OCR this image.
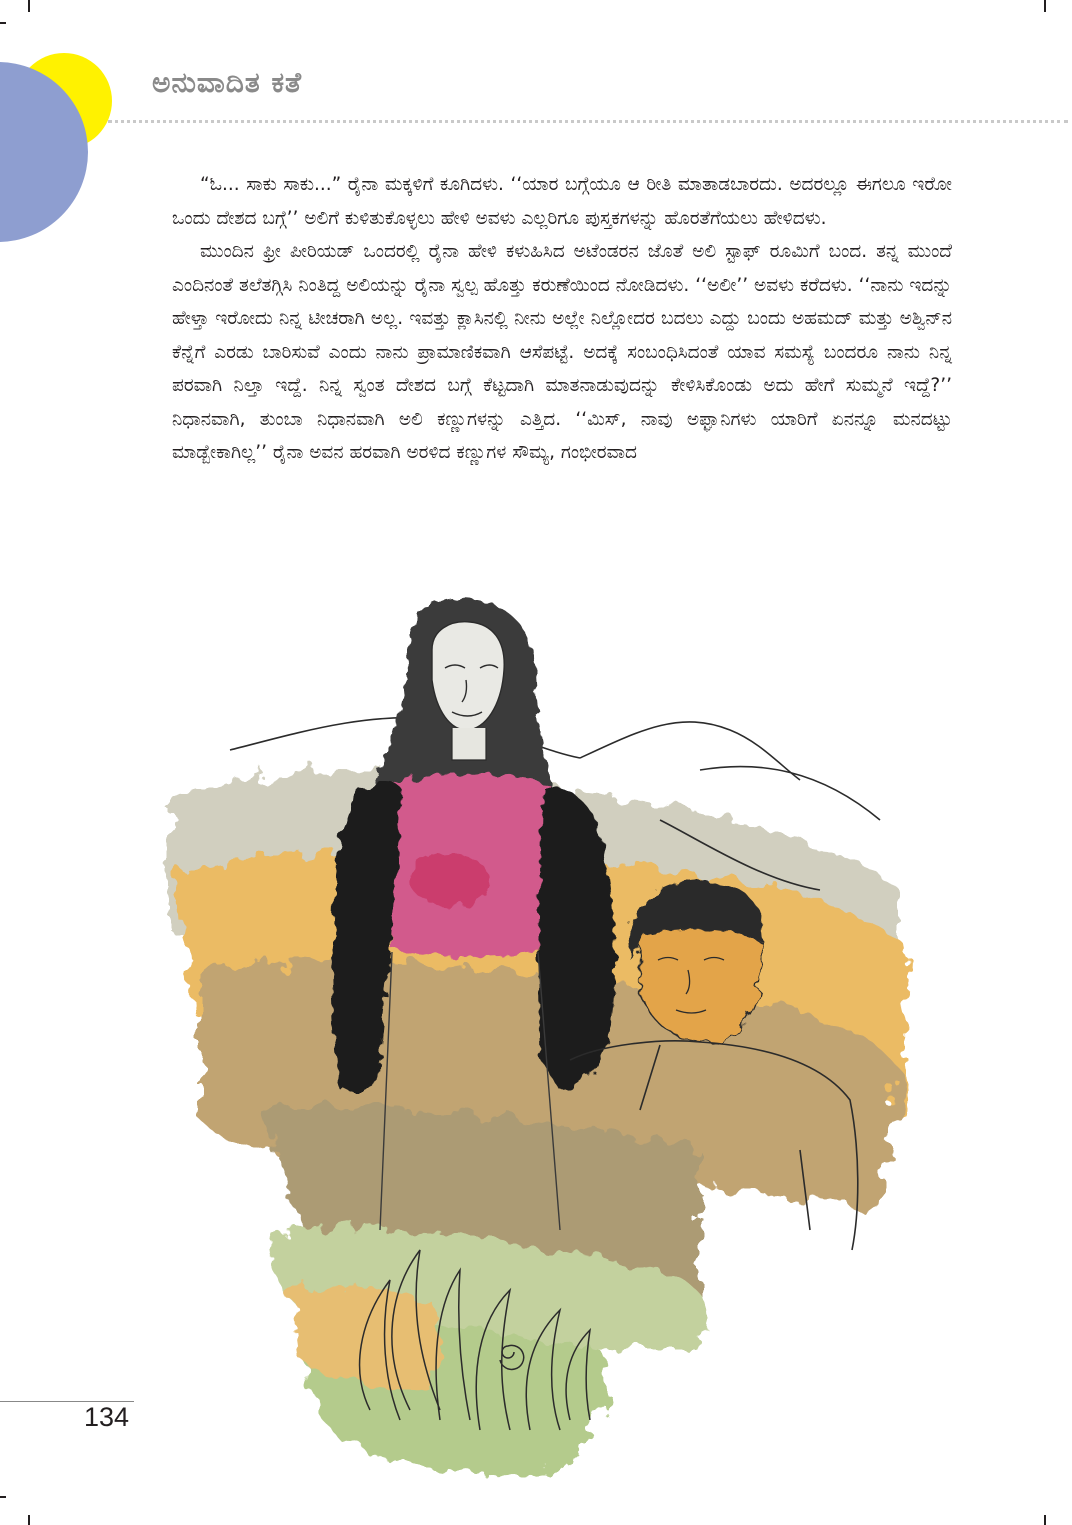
ಅನುವಾದಿತ ಕತೆ

“ಓ... ಸಾಕು ಸಾಕು...” ರೈನಾ ಮಕ್ಕಳಿಗೆ ಕೂಗಿದಳು. ‘‘ಯಾರ ಬಗ್ಗೆಯೂ ಆ ರೀತಿ ಮಾತಾಡಬಾರದು. ಅದರಲ್ಲೂ ಈಗಲೂ ಇರೋ ಒಂದು ದೇಶದ ಬಗ್ಗೆ’’ ಅಲಿಗೆ ಕುಳಿತುಕೊಳ್ಳಲು ಹೇಳಿ ಅವಳು ಎಲ್ಲರಿಗೂ ಪುಸ್ತಕಗಳನ್ನು ಹೊರತೆಗೆಯಲು ಹೇಳಿದಳು.

ಮುಂದಿನ ಫ್ರೀ ಪೀರಿಯಡ್ ಒಂದರಲ್ಲಿ ರೈನಾ ಹೇಳಿ ಕಳುಹಿಸಿದ ಅಟೆಂಡರನ ಜೊತೆ ಅಲಿ ಸ್ಟಾಫ್ ರೂಮಿಗೆ ಬಂದ. ತನ್ನ ಮುಂದೆ ಎಂದಿನಂತೆ ತಲೆತಗ್ಗಿಸಿ ನಿಂತಿದ್ದ ಅಲಿಯನ್ನು ರೈನಾ ಸ್ವಲ್ಪ ಹೊತ್ತು ಕರುಣೆಯಿಂದ ನೋಡಿದಳು. ‘‘ಅಲೀ’’ ಅವಳು ಕರೆದಳು. ‘‘ನಾನು ಇದನ್ನು ಹೇಳ್ತಾ ಇರೋದು ನಿನ್ನ ಟೀಚರಾಗಿ ಅಲ್ಲ. ಇವತ್ತು ಕ್ಲಾಸಿನಲ್ಲಿ ನೀನು ಅಲ್ಲೇ ನಿಲ್ಲೋದರ ಬದಲು ಎದ್ದು ಬಂದು ಅಹಮದ್ ಮತ್ತು ಅಶ್ವಿನ್‌ನ ಕೆನ್ನೆಗೆ ಎರಡು ಬಾರಿಸುವೆ ಎಂದು ನಾನು ಪ್ರಾಮಾಣಿಕವಾಗಿ ಆಸೆಪಟ್ಟೆ. ಅದಕ್ಕೆ ಸಂಬಂಧಿಸಿದಂತೆ ಯಾವ ಸಮಸ್ಯೆ ಬಂದರೂ ನಾನು ನಿನ್ನ ಪರವಾಗಿ ನಿಲ್ತಾ ಇದ್ದೆ. ನಿನ್ನ ಸ್ವಂತ ದೇಶದ ಬಗ್ಗೆ ಕೆಟ್ಟದಾಗಿ ಮಾತನಾಡುವುದನ್ನು ಕೇಳಿಸಿಕೊಂಡು ಅದು ಹೇಗೆ ಸುಮ್ಮನೆ ಇದ್ದೆ?’’ ನಿಧಾನವಾಗಿ, ತುಂಬಾ ನಿಧಾನವಾಗಿ ಅಲಿ ಕಣ್ಣುಗಳನ್ನು ಎತ್ತಿದ. ‘‘ಮಿಸ್, ನಾವು ಅಫ್ಘಾನಿಗಳು ಯಾರಿಗೆ ಏನನ್ನೂ ಮನದಟ್ಟು ಮಾಡ್ಬೇಕಾಗಿಲ್ಲ’’ ರೈನಾ ಅವನ ಹರವಾಗಿ ಅರಳಿದ ಕಣ್ಣುಗಳ ಸೌಮ್ಯ, ಗಂಭೀರವಾದ

134
